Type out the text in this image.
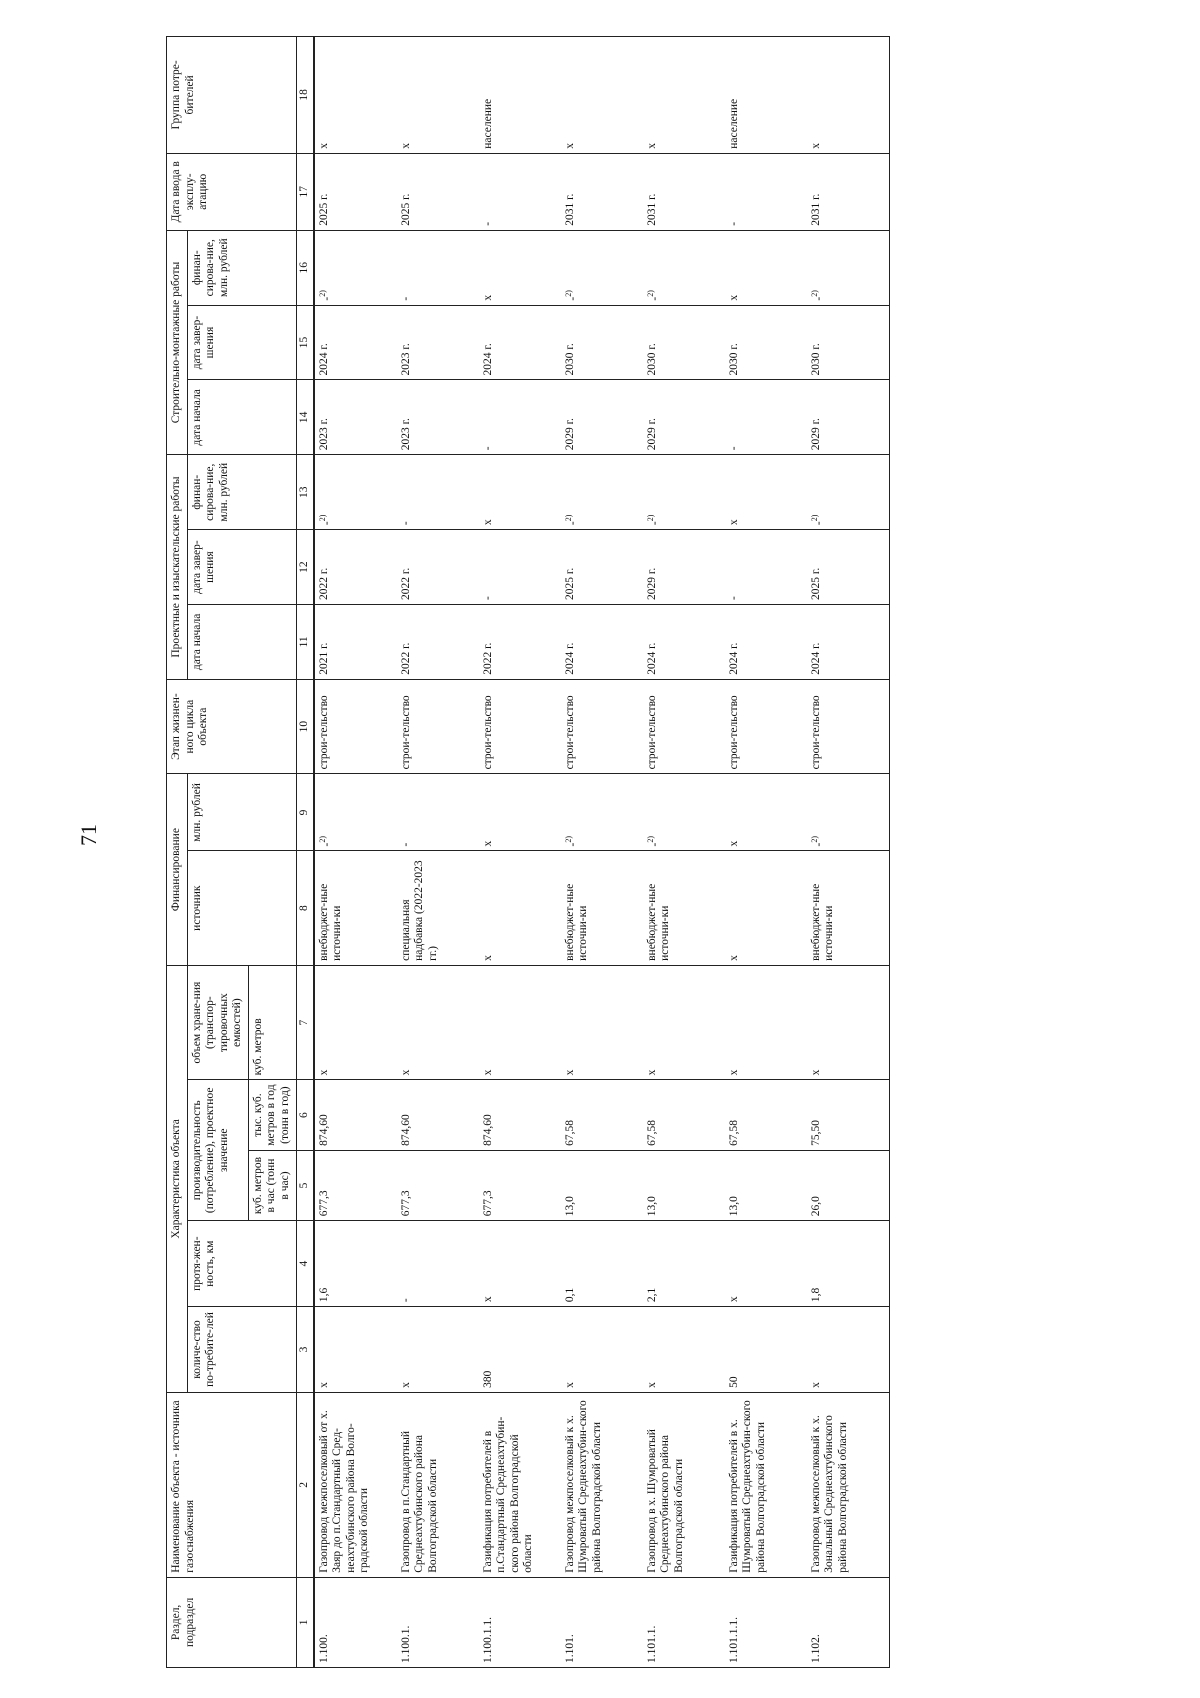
71
Раздел, подраздел	Наименование объекта - источника газоснабжения	Характеристика объекта					Финансирование		Этап жизнен-ного цикла объекта	Проектные и изыскательские работы			Строительно-монтажные работы			Дата ввода в эксплу-атацию	Группа потре-бителей
		количе-ство по-требите-лей	протя-жен-ность, км	производительность (потребление), проектное значение		объем хране-ния (транспор-тировочных емкостей)	источник	млн. рублей		дата начала	дата завер-шения	финан-сирова-ние, млн. рублей	дата начала	дата завер-шения	финан-сирова-ние, млн. рублей		
				куб. метров в час (тонн в час)	тыс. куб. метров в год (тонн в год)	куб. метров											
1	2	3	4	5	6	7	8	9	10	11	12	13	14	15	16	17	18
1.100.	Газопровод межпоселковый от х. Заяр до п.Стандартный Сред-неахтубинского района Волго-градской области	х	1,6	677,3	874,60	х	внебюджет-ные источни-ки	-$^{2)}$	строи-тельство	2021 г.	2022 г.	-$^{2)}$	2023 г.	2024 г.	-$^{2)}$	2025 г.	х
1.100.1.	Газопровод в п.Стандартный Среднеахтубинского района Волгоградской области	х	-	677,3	874,60	х	специальная надбавка (2022-2023 гг.)	-	строи-тельство	2022 г.	2022 г.	-	2023 г.	2023 г.	-	2025 г.	х
1.100.1.1.	Газификация потребителей в п.Стандартный Среднеахтубин-ского района Волгоградской области	380	х	677,3	874,60	х	х	х	строи-тельство	2022 г.	-	х	-	2024 г.	х	-	население
1.101.	Газопровод межпоселковый к х. Шумроватый Среднеахтубин-ского района Волгоградской области	х	0,1	13,0	67,58	х	внебюджет-ные источни-ки	-$^{2)}$	строи-тельство	2024 г.	2025 г.	-$^{2)}$	2029 г.	2030 г.	-$^{2)}$	2031 г.	х
1.101.1.	Газопровод в х. Шумроватый Среднеахтубинского района Волгоградской области	х	2,1	13,0	67,58	х	внебюджет-ные источни-ки	-$^{2)}$	строи-тельство	2024 г.	2029 г.	-$^{2)}$	2029 г.	2030 г.	-$^{2)}$	2031 г.	х
1.101.1.1.	Газификация потребителей в х. Шумроватый Среднеахтубин-ского района Волгоградской области	50	х	13,0	67,58	х	х	х	строи-тельство	2024 г.	-	х	-	2030 г.	х	-	население
1.102.	Газопровод межпоселковый к х. Зональный Среднеахтубинского района Волгоградской области	х	1,8	26,0	75,50	х	внебюджет-ные источни-ки	-$^{2)}$	строи-тельство	2024 г.	2025 г.	-$^{2)}$	2029 г.	2030 г.	-$^{2)}$	2031 г.	х
